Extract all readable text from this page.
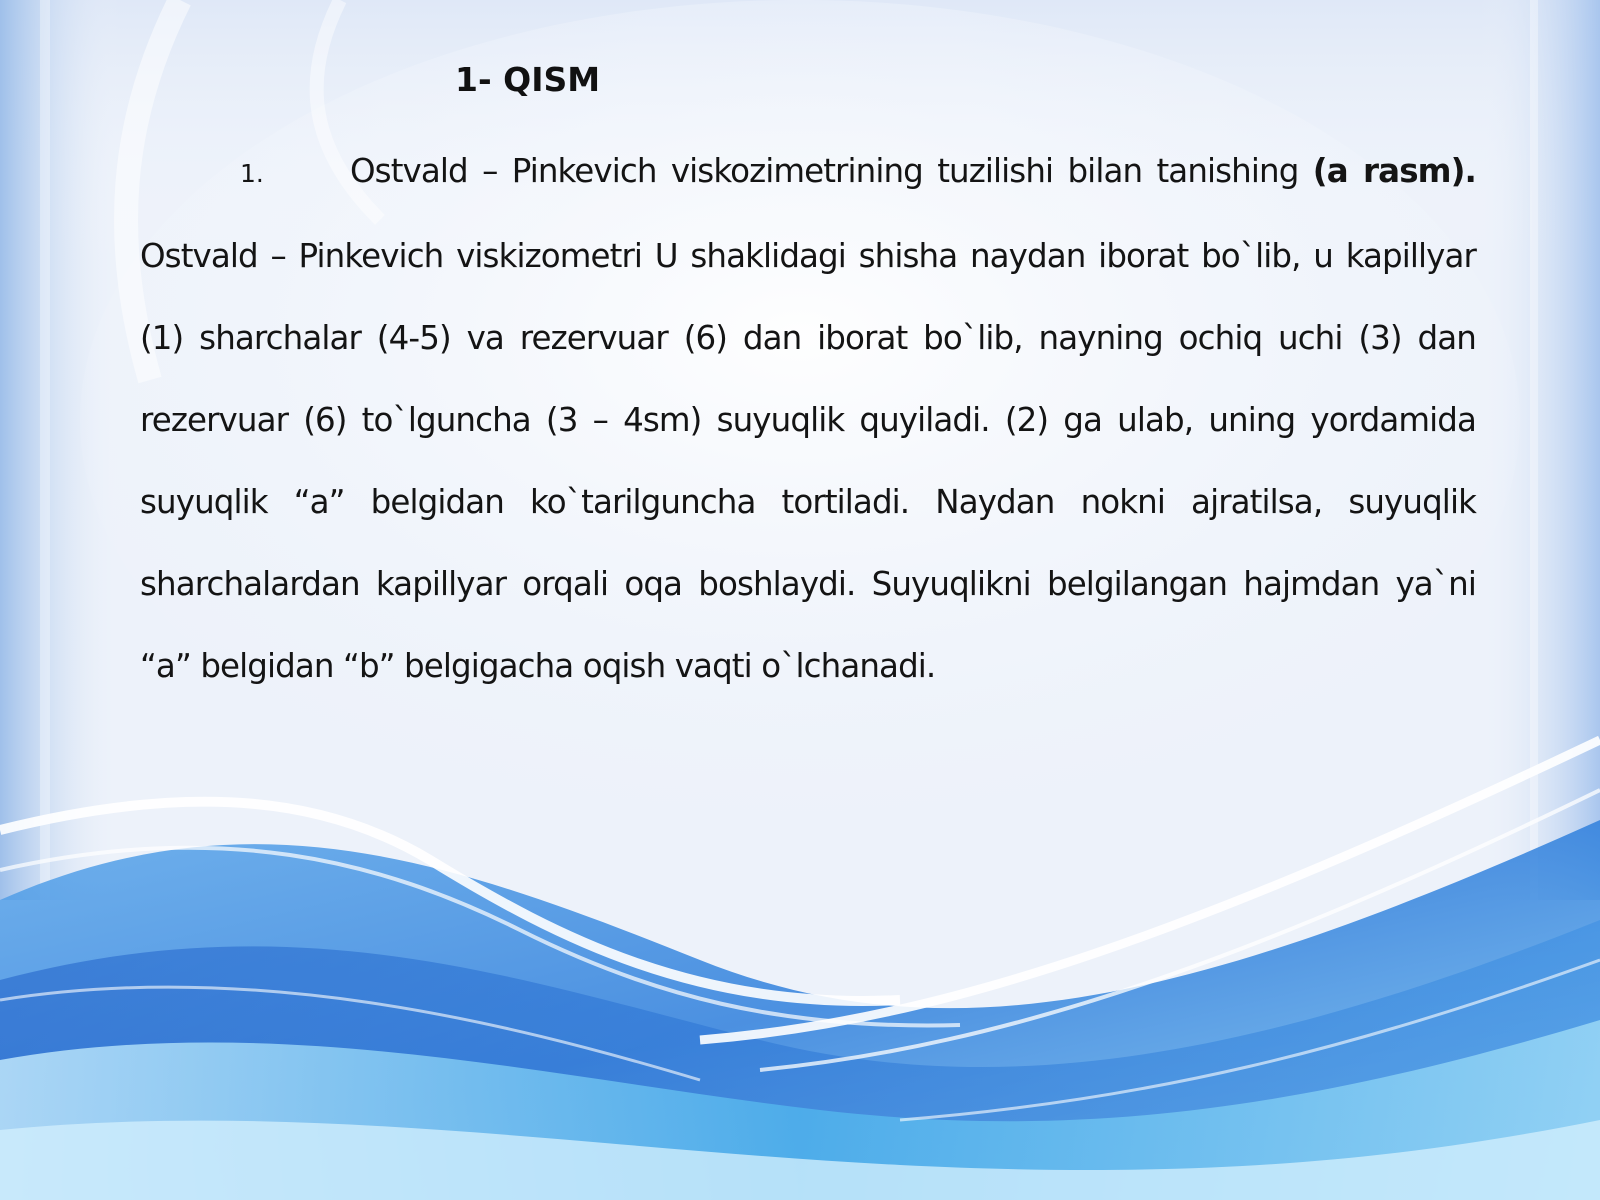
1- QISM
1.	Ostvald – Pinkevich viskozimetrining tuzilishi bilan tanishing (a rasm). Ostvald – Pinkevich viskizometri U shaklidagi shisha naydan iborat bo`lib, u kapillyar (1) sharchalar (4-5) va rezervuar (6) dan iborat bo`lib, nayning ochiq uchi (3) dan rezervuar (6) to`lguncha (3 – 4sm) suyuqlik quyiladi. (2) ga ulab, uning yordamida suyuqlik “a” belgidan ko`tarilguncha tortiladi. Naydan nokni ajratilsa, suyuqlik sharchalardan kapillyar orqali oqa boshlaydi. Suyuqlikni belgilangan hajmdan ya`ni “a” belgidan “b” belgigacha oqish vaqti o`lchanadi.
